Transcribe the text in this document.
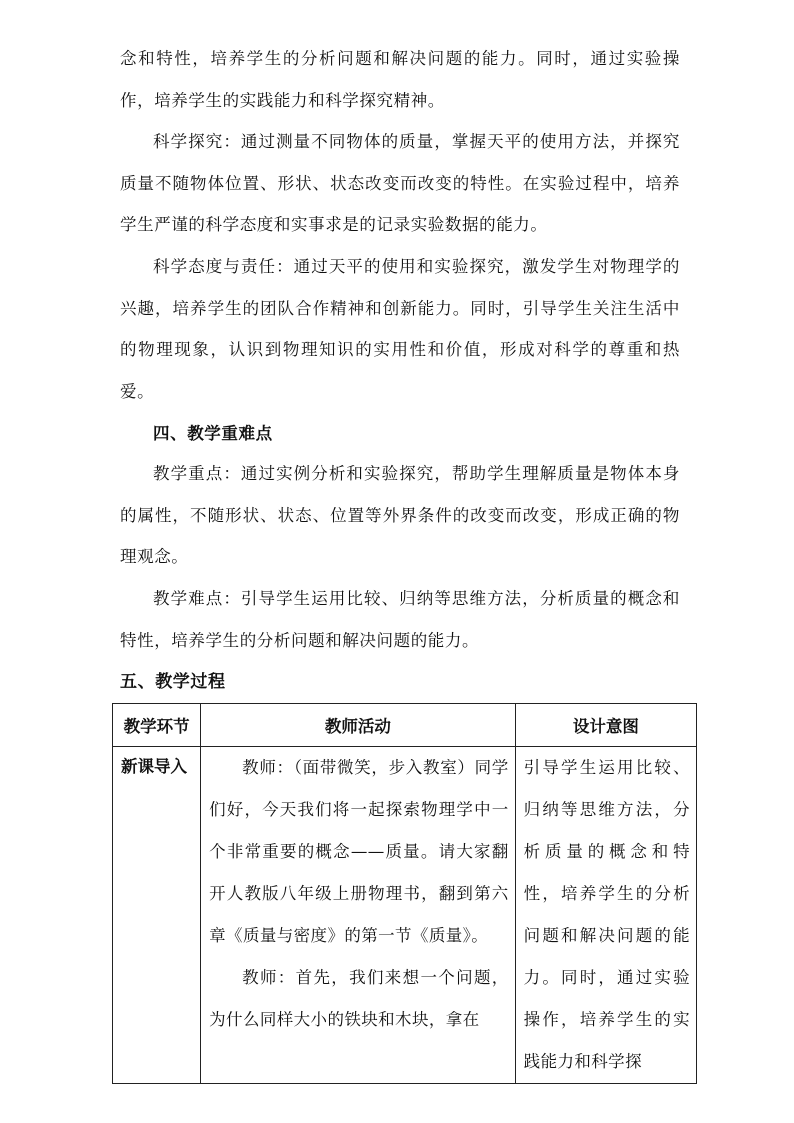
念和特性，培养学生的分析问题和解决问题的能力。同时，通过实验操作，培养学生的实践能力和科学探究精神。

科学探究：通过测量不同物体的质量，掌握天平的使用方法，并探究质量不随物体位置、形状、状态改变而改变的特性。在实验过程中，培养学生严谨的科学态度和实事求是的记录实验数据的能力。

科学态度与责任：通过天平的使用和实验探究，激发学生对物理学的兴趣，培养学生的团队合作精神和创新能力。同时，引导学生关注生活中的物理现象，认识到物理知识的实用性和价值，形成对科学的尊重和热爱。

四、教学重难点

教学重点：通过实例分析和实验探究，帮助学生理解质量是物体本身的属性，不随形状、状态、位置等外界条件的改变而改变，形成正确的物理观念。

教学难点：引导学生运用比较、归纳等思维方法，分析质量的概念和特性，培养学生的分析问题和解决问题的能力。

五、教学过程
教学环节	教师活动	设计意图
新课导入	教师：（面带微笑，步入教室）同学们好，今天我们将一起探索物理学中一个非常重要的概念——质量。请大家翻开人教版八年级上册物理书，翻到第六章《质量与密度》的第一节《质量》。

教师：首先，我们来想一个问题，为什么同样大小的铁块和木块，拿在	引导学生运用比较、归纳等思维方法，分析质量的概念和特性，培养学生的分析问题和解决问题的能力。同时，通过实验操作，培养学生的实践能力和科学探
